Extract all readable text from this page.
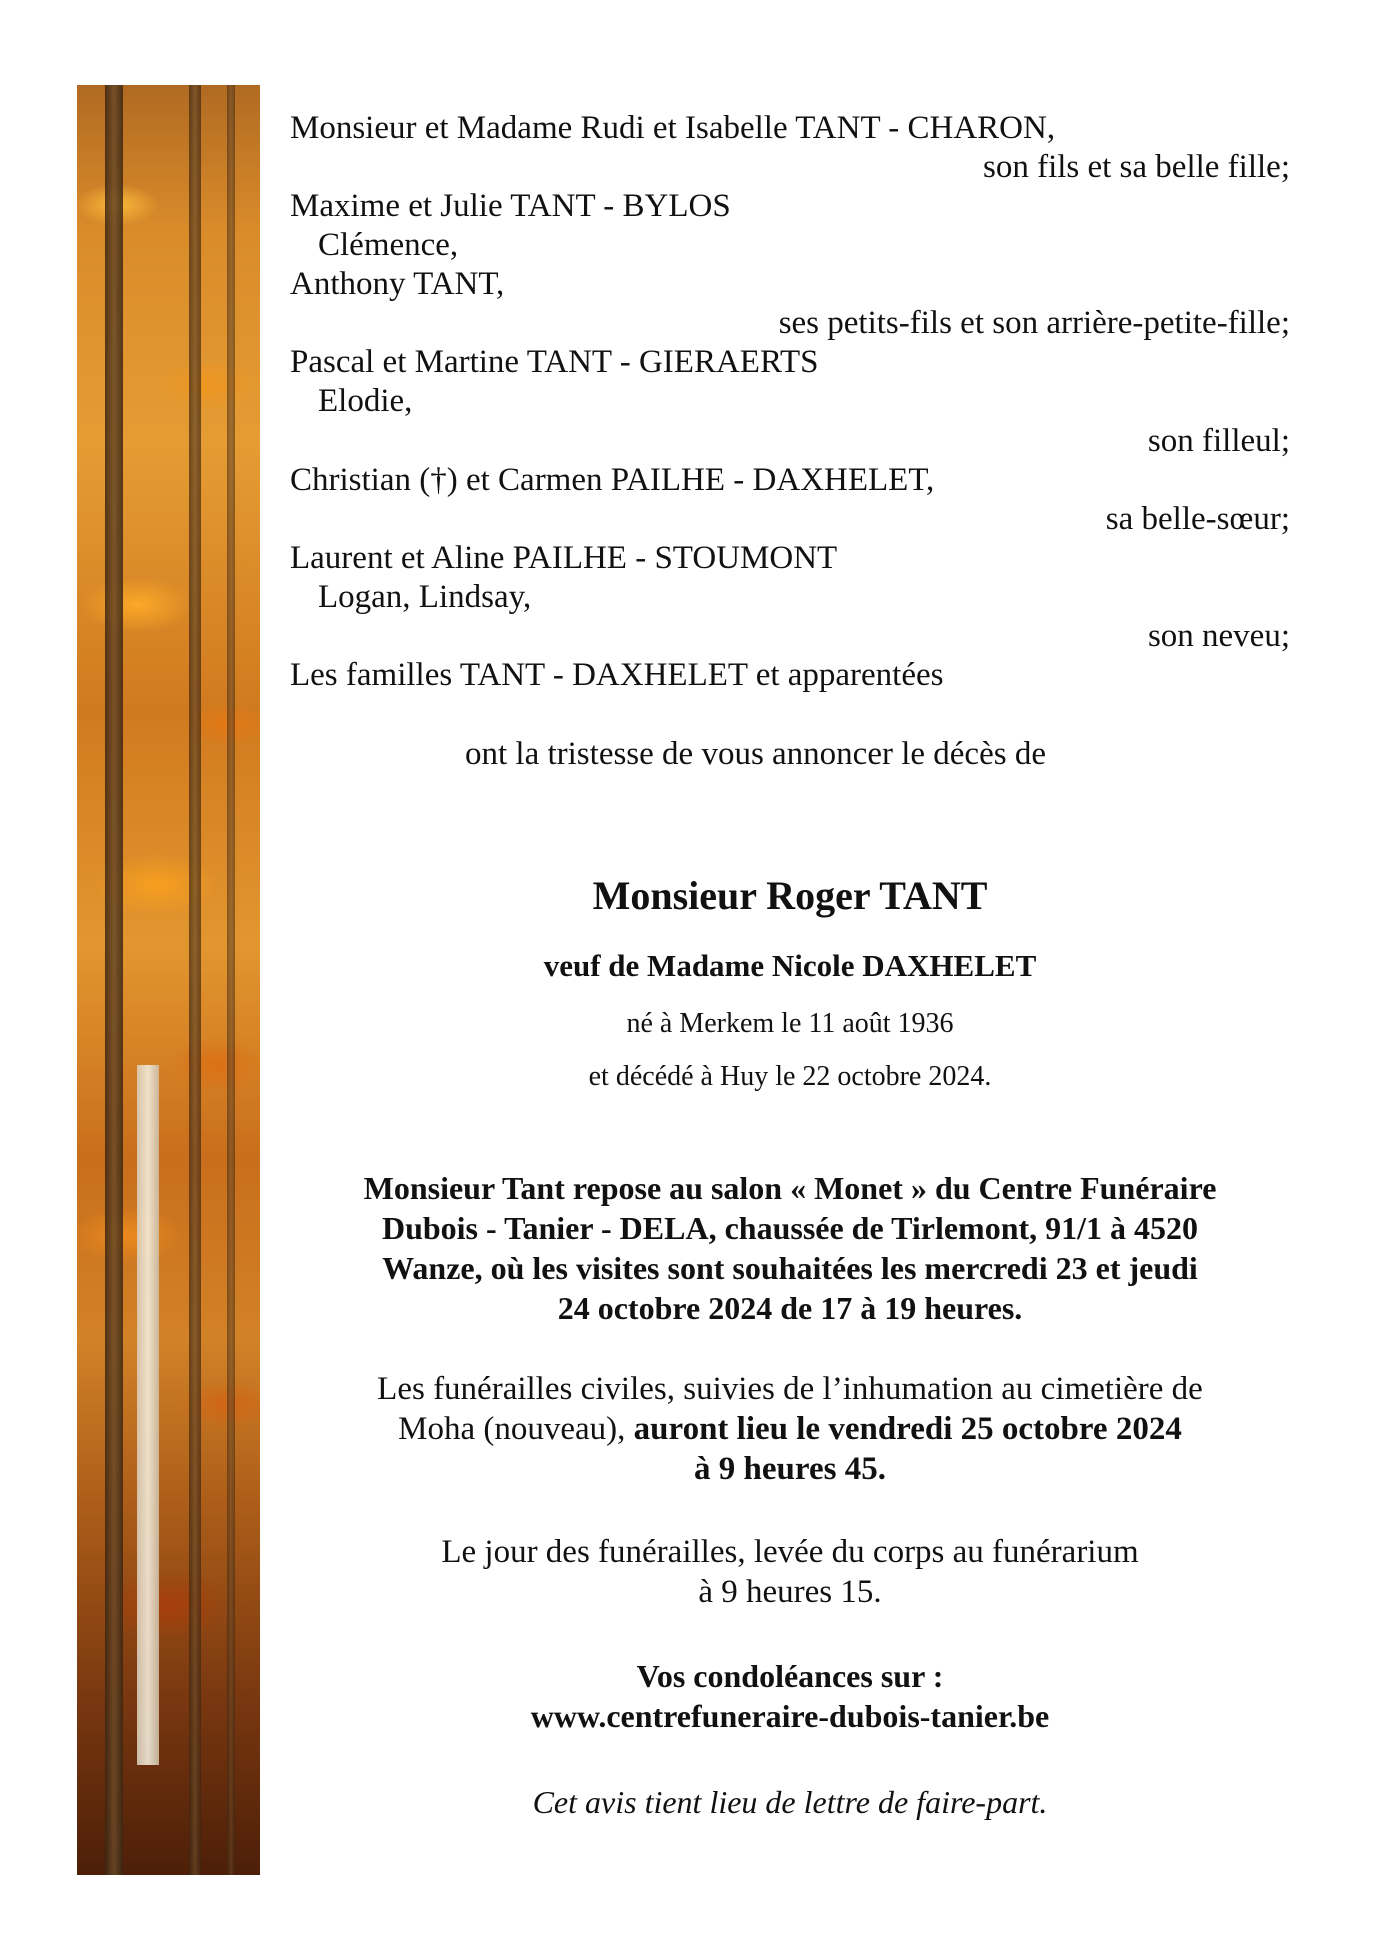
Monsieur et Madame Rudi et Isabelle TANT - CHARON,
son fils et sa belle fille;
Maxime et Julie TANT - BYLOS
Clémence,
Anthony TANT,
ses petits-fils et son arrière-petite-fille;
Pascal et Martine TANT - GIERAERTS
Elodie,
son filleul;
Christian (†) et Carmen PAILHE - DAXHELET,
sa belle-sœur;
Laurent et Aline PAILHE - STOUMONT
Logan, Lindsay,
son neveu;
Les familles TANT - DAXHELET et apparentées
ont la tristesse de vous annoncer le décès de
Monsieur Roger TANT
veuf de Madame Nicole DAXHELET
né à Merkem le 11 août 1936
et décédé à Huy le 22 octobre 2024.
Monsieur Tant repose au salon « Monet » du Centre Funéraire
Dubois - Tanier - DELA, chaussée de Tirlemont, 91/1 à 4520
Wanze, où les visites sont souhaitées les mercredi 23 et jeudi
24 octobre 2024 de 17 à 19 heures.
Les funérailles civiles, suivies de l’inhumation au cimetière de
Moha (nouveau), auront lieu le vendredi 25 octobre 2024
à 9 heures 45.
Le jour des funérailles, levée du corps au funérarium
à 9 heures 15.
Vos condoléances sur :
www.centrefuneraire-dubois-tanier.be
Cet avis tient lieu de lettre de faire-part.
